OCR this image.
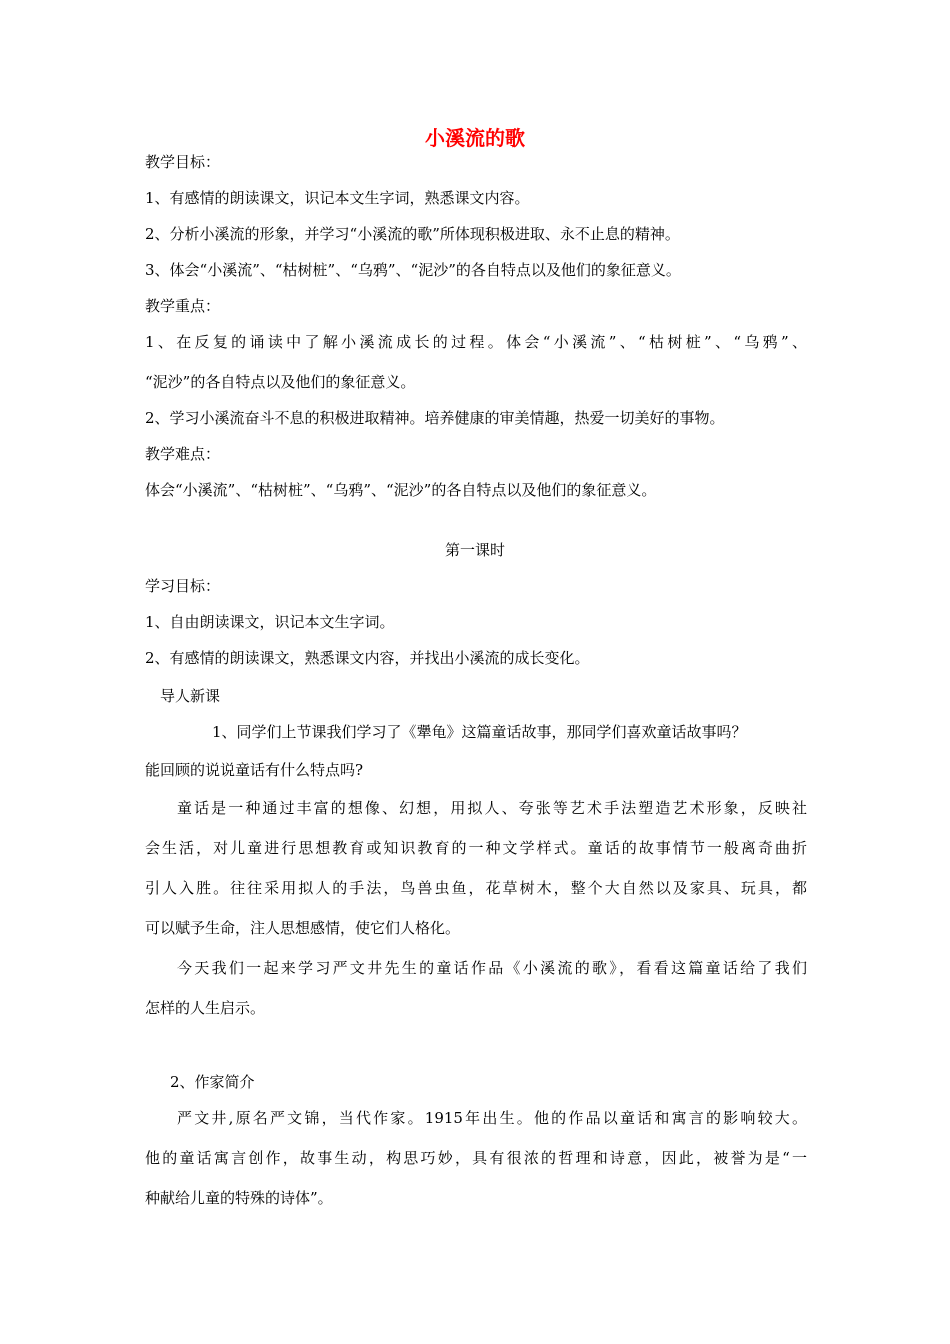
小溪流的歌
教学目标：
1、有感情的朗读课文，识记本文生字词，熟悉课文内容。
2、分析小溪流的形象，并学习“小溪流的歌”所体现积极进取、永不止息的精神。
3、体会“小溪流”、“枯树桩”、“乌鸦”、“泥沙”的各自特点以及他们的象征意义。
教学重点：
1、在反复的诵读中了解小溪流成长的过程。体会“小溪流”、“枯树桩”、“乌鸦”、
“泥沙”的各自特点以及他们的象征意义。
2、学习小溪流奋斗不息的积极进取精神。培养健康的审美情趣，热爱一切美好的事物。
教学难点：
体会“小溪流”、“枯树桩”、“乌鸦”、“泥沙”的各自特点以及他们的象征意义。
第一课时
学习目标：
1、自由朗读课文，识记本文生字词。
2、有感情的朗读课文，熟悉课文内容，并找出小溪流的成长变化。
导人新课
1、同学们上节课我们学习了《犟龟》这篇童话故事，那同学们喜欢童话故事吗？
能回顾的说说童话有什么特点吗?
童话是一种通过丰富的想像、幻想，用拟人、夸张等艺术手法塑造艺术形象，反映社
会生活，对儿童进行思想教育或知识教育的一种文学样式。童话的故事情节一般离奇曲折
引人入胜。往往采用拟人的手法，鸟兽虫鱼，花草树木，整个大自然以及家具、玩具，都
可以赋予生命，注人思想感情，使它们人格化。
今天我们一起来学习严文井先生的童话作品《小溪流的歌》，看看这篇童话给了我们
怎样的人生启示。
2、作家简介
严文井,原名严文锦，当代作家。1915年出生。他的作品以童话和寓言的影响较大。
他的童话寓言创作，故事生动，构思巧妙，具有很浓的哲理和诗意，因此，被誉为是“一
种献给儿童的特殊的诗体”。
